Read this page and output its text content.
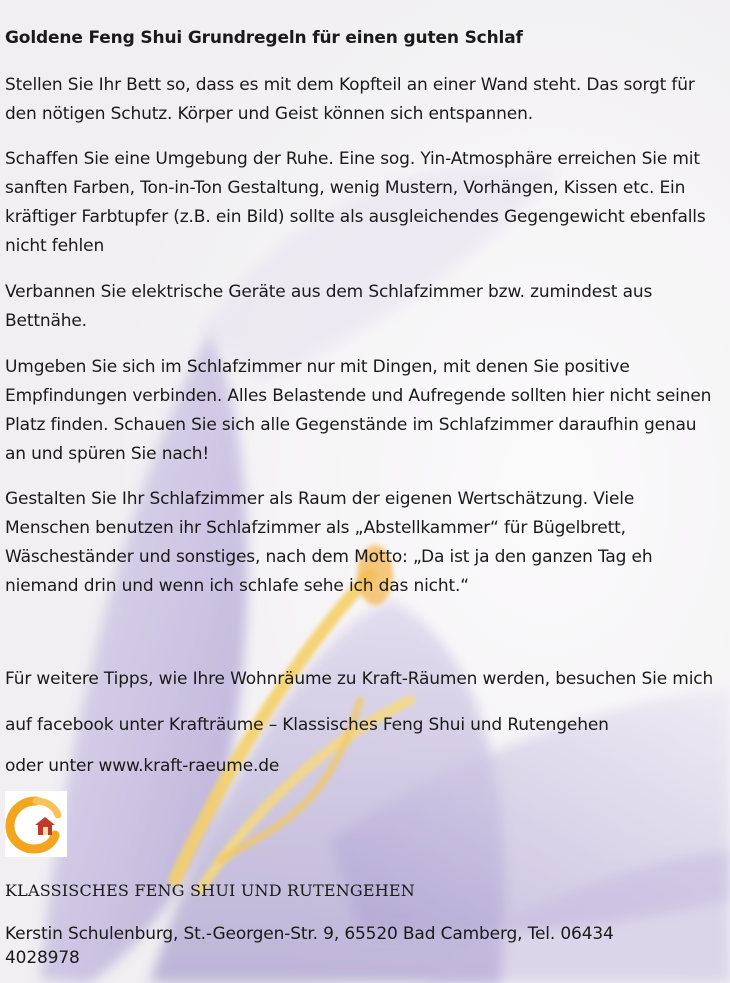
Goldene Feng Shui Grundregeln für einen guten Schlaf
Stellen Sie Ihr Bett so, dass es mit dem Kopfteil an einer Wand steht. Das sorgt für den nötigen Schutz. Körper und Geist können sich entspannen.
Schaffen Sie eine Umgebung der Ruhe. Eine sog. Yin-Atmosphäre erreichen Sie mit sanften Farben, Ton-in-Ton Gestaltung, wenig Mustern, Vorhängen, Kissen etc. Ein kräftiger Farbtupfer (z.B. ein Bild) sollte als ausgleichendes Gegengewicht ebenfalls nicht fehlen
Verbannen Sie elektrische Geräte aus dem Schlafzimmer bzw. zumindest aus Bettnähe.
Umgeben Sie sich im Schlafzimmer nur mit Dingen, mit denen Sie positive Empfindungen verbinden. Alles Belastende und Aufregende sollten hier nicht seinen Platz finden. Schauen Sie sich alle Gegenstände im Schlafzimmer daraufhin genau an und spüren Sie nach!
Gestalten Sie Ihr Schlafzimmer als Raum der eigenen Wertschätzung. Viele Menschen benutzen ihr Schlafzimmer als „Abstellkammer“ für Bügelbrett, Wäscheständer und sonstiges, nach dem Motto: „Da ist ja den ganzen Tag eh niemand drin und wenn ich schlafe sehe ich das nicht.“
Für weitere Tipps, wie Ihre Wohnräume zu Kraft-Räumen werden, besuchen Sie mich
auf facebook unter Krafträume – Klassisches Feng Shui und Rutengehen
oder unter www.kraft-raeume.de
KLASSISCHES FENG SHUI UND RUTENGEHEN
Kerstin Schulenburg, St.-Georgen-Str. 9, 65520 Bad Camberg, Tel. 06434 4028978
